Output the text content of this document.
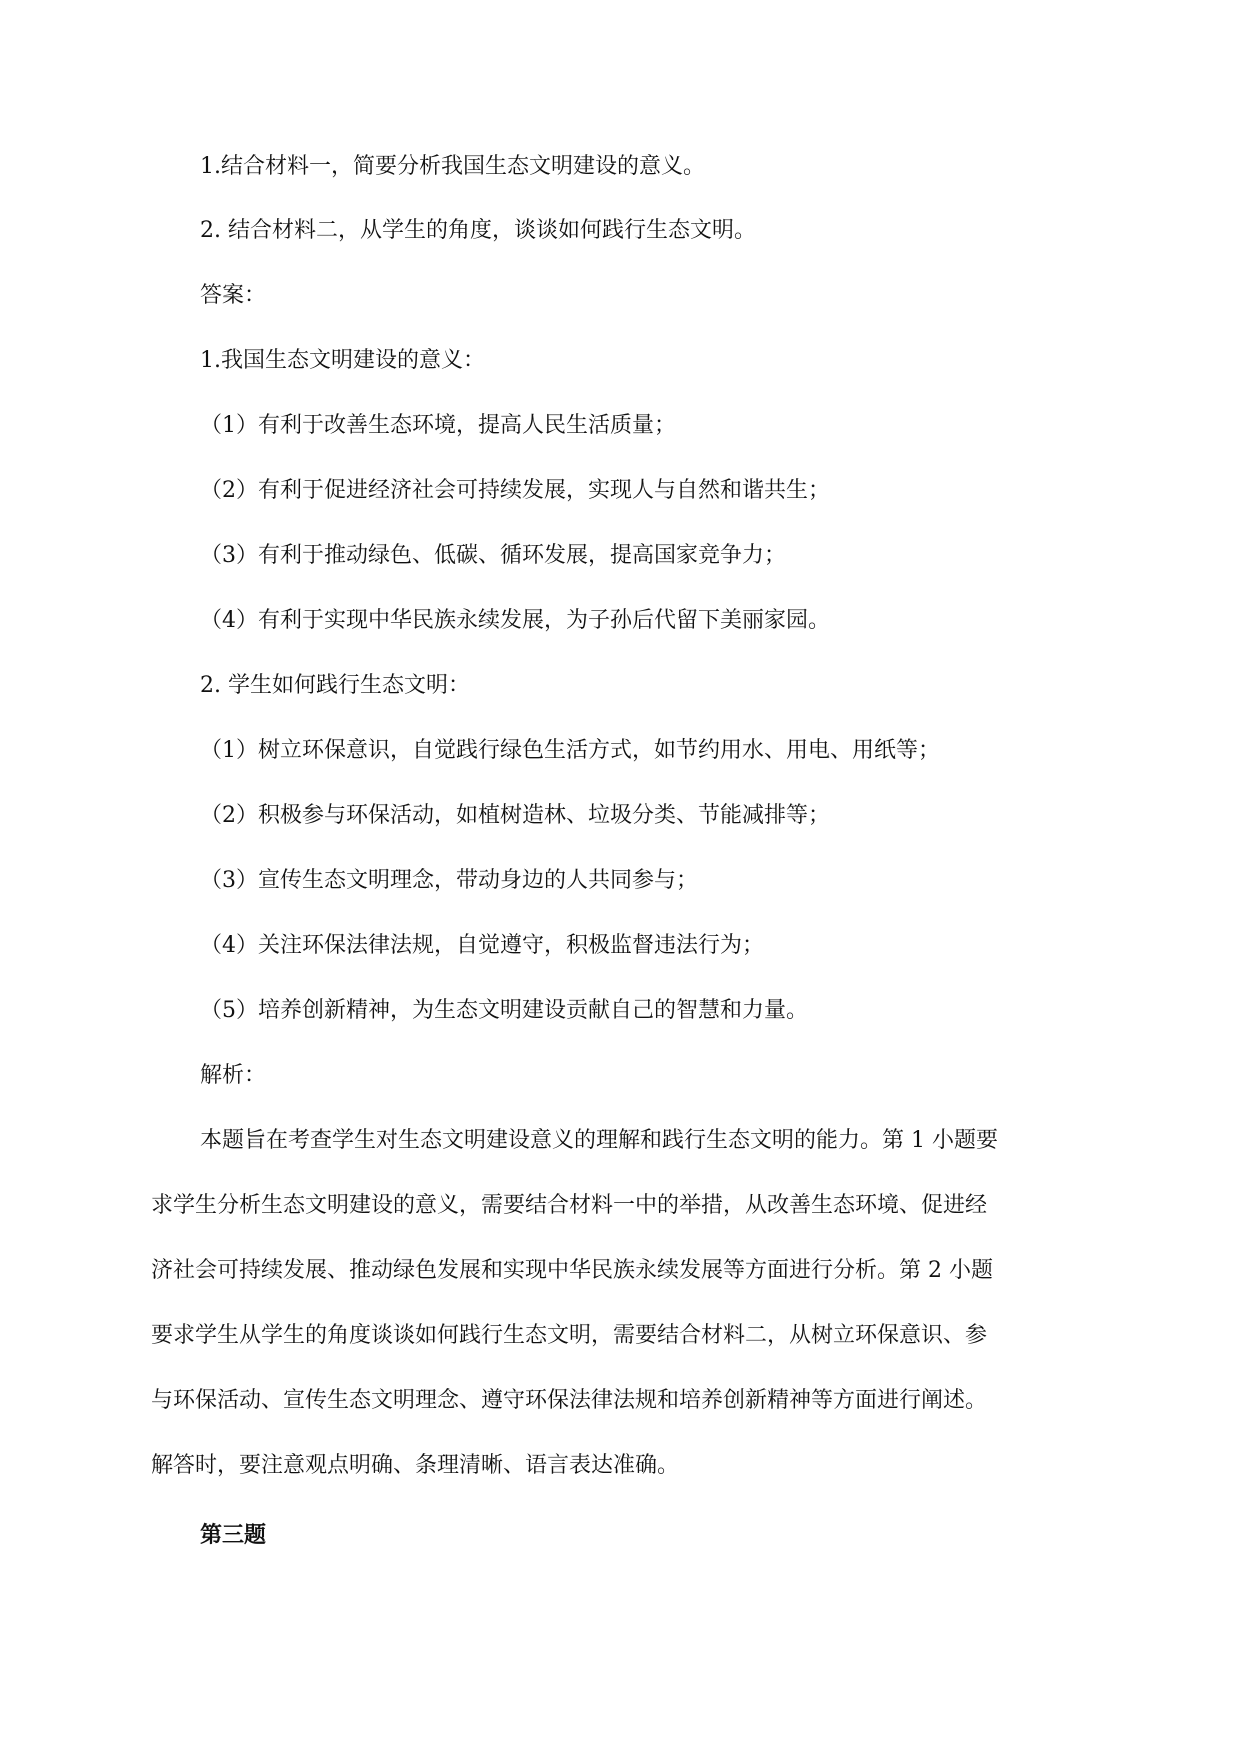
1.结合材料一，简要分析我国生态文明建设的意义。
2. 结合材料二，从学生的角度，谈谈如何践行生态文明。
答案：
1.我国生态文明建设的意义：
（1）有利于改善生态环境，提高人民生活质量；
（2）有利于促进经济社会可持续发展，实现人与自然和谐共生；
（3）有利于推动绿色、低碳、循环发展，提高国家竞争力；
（4）有利于实现中华民族永续发展，为子孙后代留下美丽家园。
2. 学生如何践行生态文明：
（1）树立环保意识，自觉践行绿色生活方式，如节约用水、用电、用纸等；
（2）积极参与环保活动，如植树造林、垃圾分类、节能减排等；
（3）宣传生态文明理念，带动身边的人共同参与；
（4）关注环保法律法规，自觉遵守，积极监督违法行为；
（5）培养创新精神，为生态文明建设贡献自己的智慧和力量。
解析：
本题旨在考查学生对生态文明建设意义的理解和践行生态文明的能力。第 1 小题要
求学生分析生态文明建设的意义，需要结合材料一中的举措，从改善生态环境、促进经
济社会可持续发展、推动绿色发展和实现中华民族永续发展等方面进行分析。第 2 小题
要求学生从学生的角度谈谈如何践行生态文明，需要结合材料二，从树立环保意识、参
与环保活动、宣传生态文明理念、遵守环保法律法规和培养创新精神等方面进行阐述。
解答时，要注意观点明确、条理清晰、语言表达准确。
第三题
